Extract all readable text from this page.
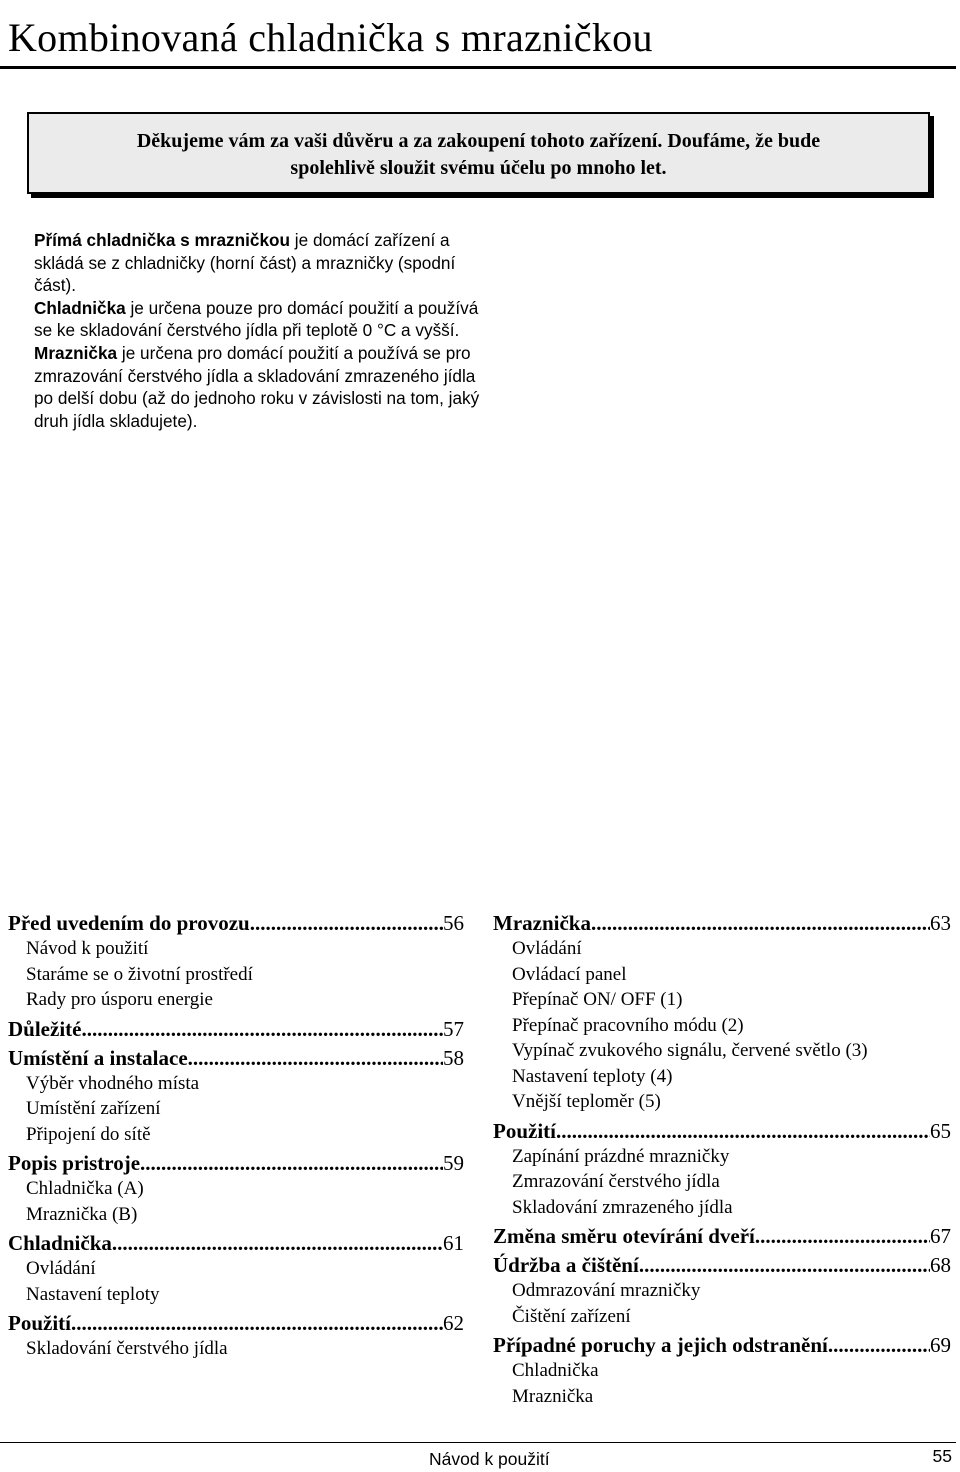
Kombinovaná chladnička s mrazničkou
Děkujeme vám za vaši důvěru a za zakoupení tohoto zařízení. Doufáme, že bude
spolehlivě sloužit svému účelu po mnoho let.

Přímá chladnička s mrazničkou je domácí zařízení a skládá se z chladničky (horní část) a mrazničky (spodní část).

Chladnička je určena pouze pro domácí použití a používá se ke skladování čerstvého jídla při teplotě 0 °C a vyšší.

Mraznička je určena pro domácí použití a používá se pro zmrazování čerstvého jídla a skladování zmrazeného jídla po delší dobu (až do jednoho roku v závislosti na tom, jaký druh jídla skladujete).

Před uvedením do provozu .....	56
Návod k použití
Staráme se o životní prostředí
Rady pro úsporu energie
Důležité .....	57
Umístění a instalace .....	58
Výběr vhodného místa
Umístění zařízení
Připojení do sítě
Popis pristroje .....	59
Chladnička (A)
Mraznička (B)
Chladnička .....	61
Ovládání
Nastavení teploty
Použití .....	62
Skladování čerstvého jídla
Mraznička .....	63
Ovládání
Ovládací panel
Přepínač ON/ OFF (1)
Přepínač pracovního módu (2)
Vypínač zvukového signálu, červené světlo (3)
Nastavení teploty (4)
Vnější teploměr (5)
Použití .....	65
Zapínání prázdné mrazničky
Zmrazování čerstvého jídla
Skladování zmrazeného jídla
Změna směru otevírání dveří .....	67
Údržba a čištění .....	68
Odmrazování mrazničky
Čištění zařízení
Případné poruchy a jejich odstranění .....	69
Chladnička
Mraznička
Návod k použití	55
